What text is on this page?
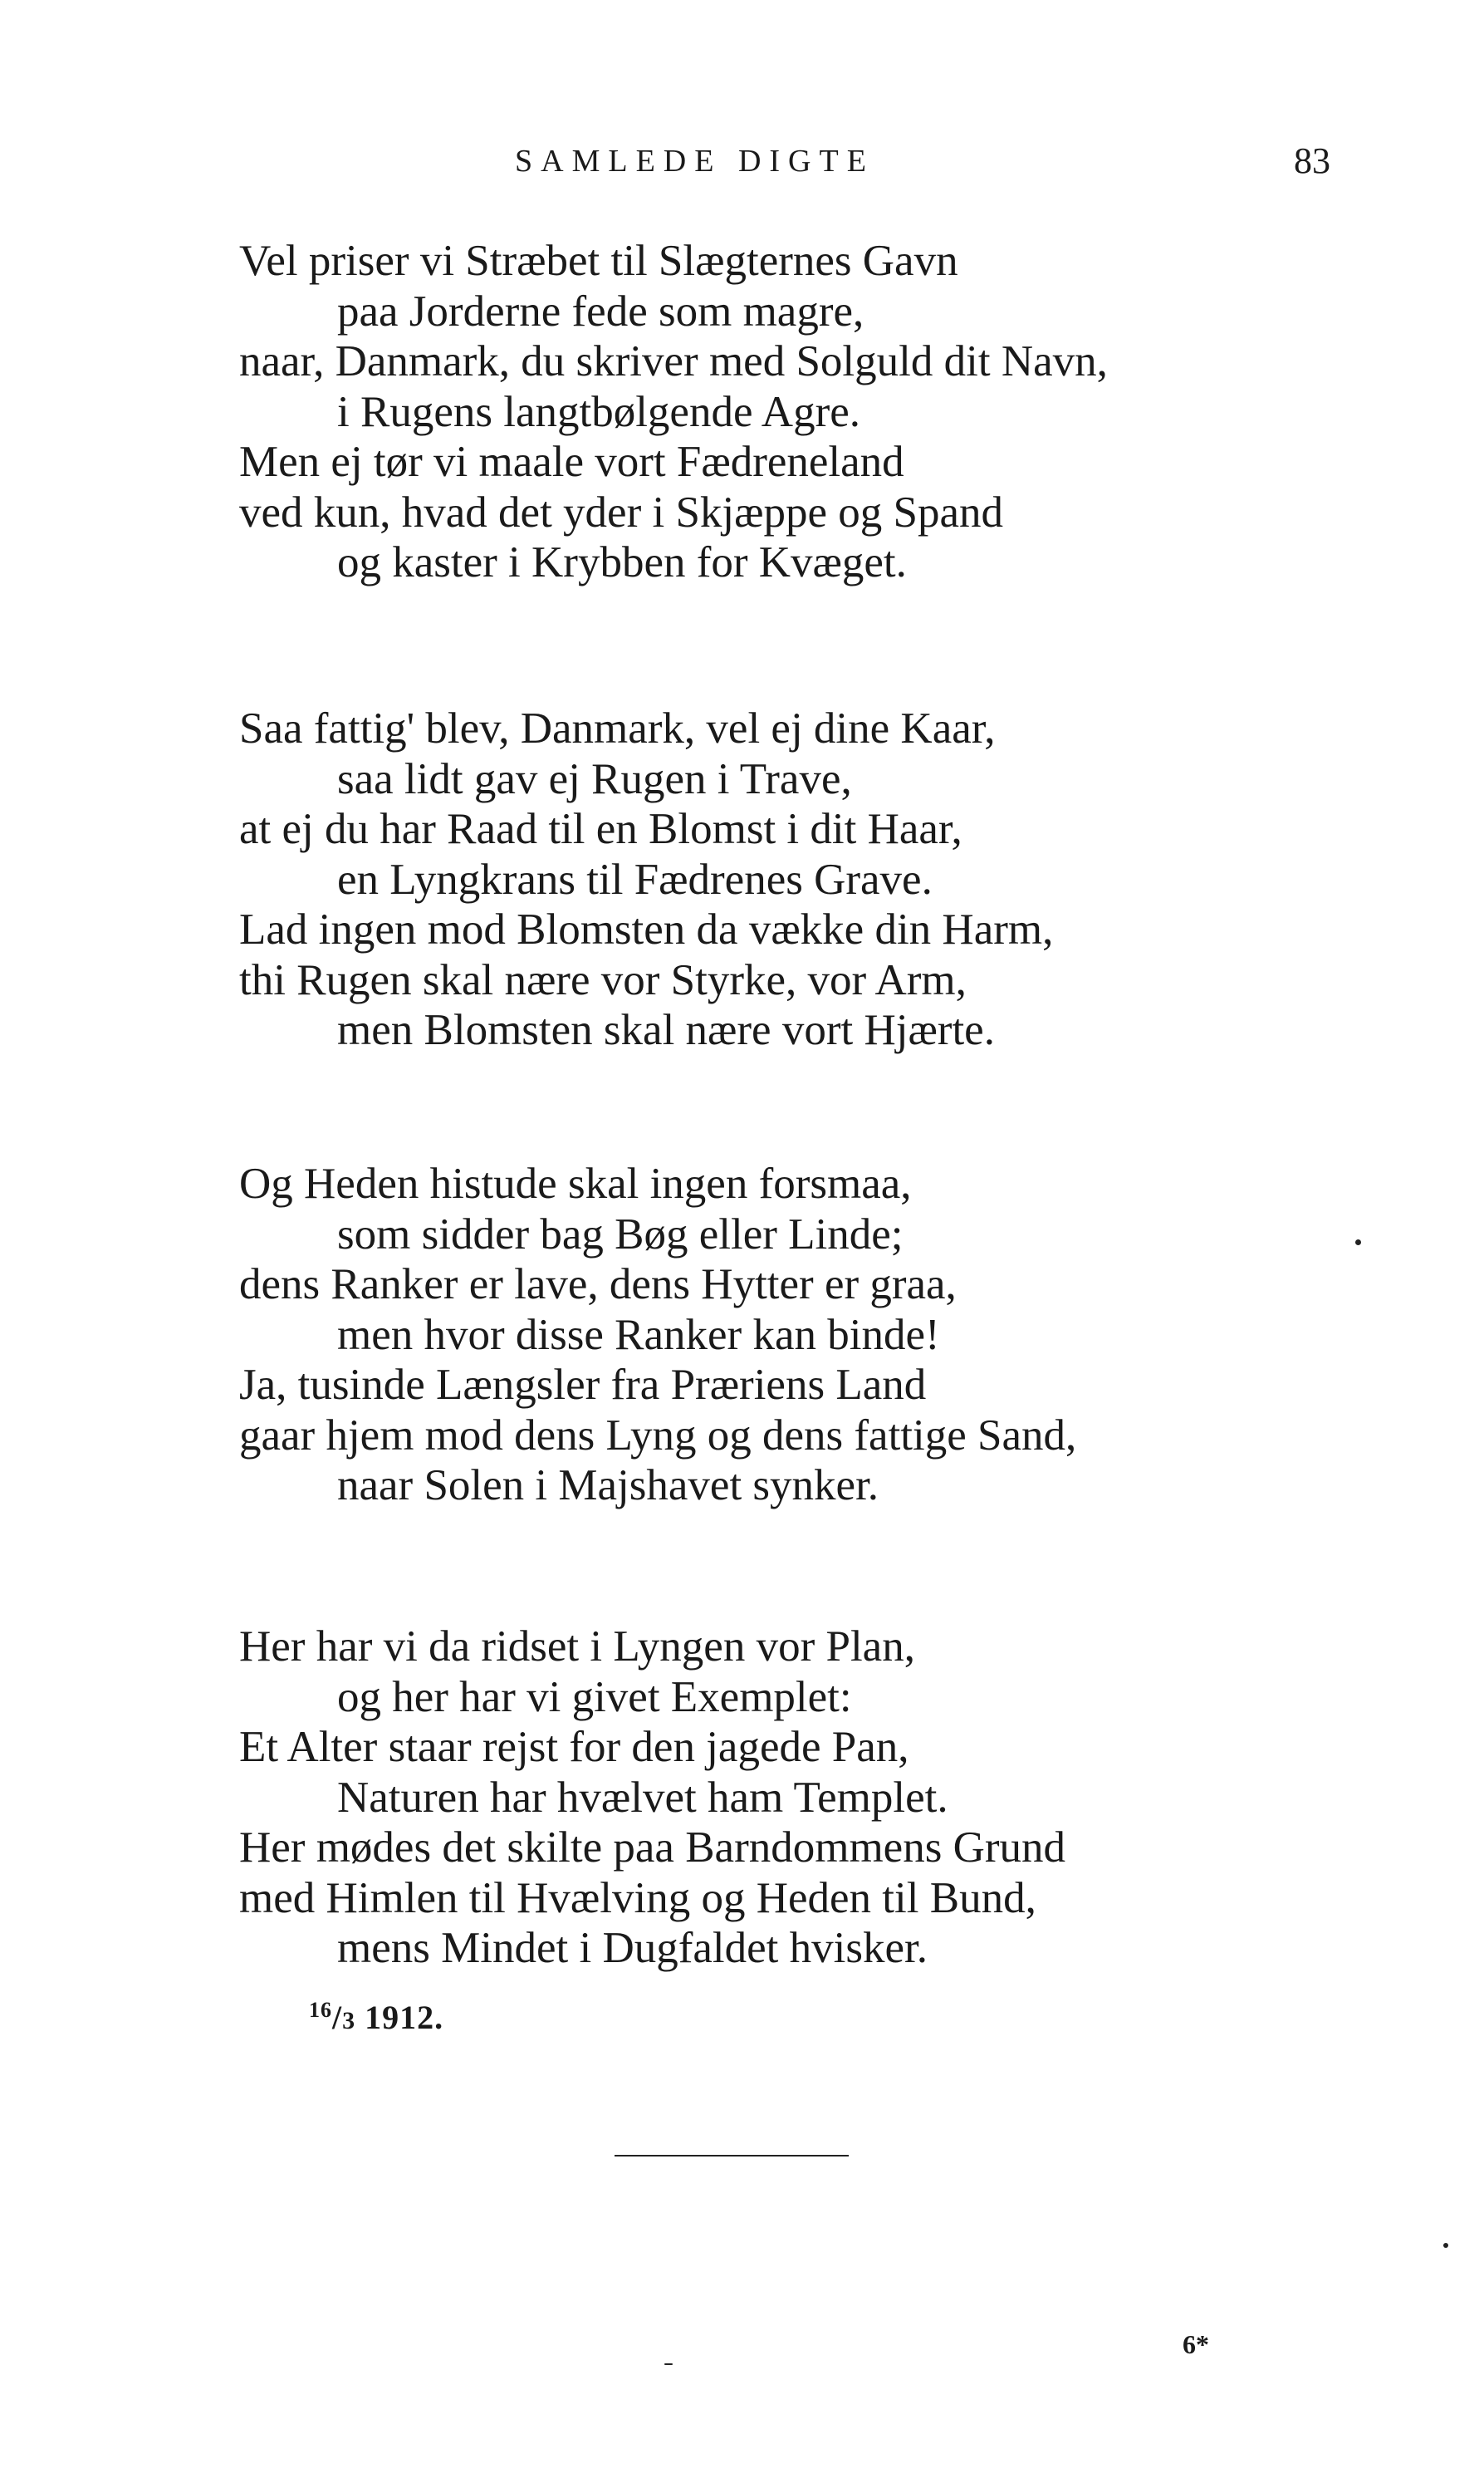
SAMLEDE DIGTE	83
Vel priser vi Stræbet til Slægternes Gavn
paa Jorderne fede som magre,
naar, Danmark, du skriver med Solguld dit Navn,
i Rugens langtbølgende Agre.
Men ej tør vi maale vort Fædreneland
ved kun, hvad det yder i Skjæppe og Spand
og kaster i Krybben for Kvæget.
Saa fattig' blev, Danmark, vel ej dine Kaar,
saa lidt gav ej Rugen i Trave,
at ej du har Raad til en Blomst i dit Haar,
en Lyngkrans til Fædrenes Grave.
Lad ingen mod Blomsten da vække din Harm,
thi Rugen skal nære vor Styrke, vor Arm,
men Blomsten skal nære vort Hjærte.
Og Heden histude skal ingen forsmaa,
som sidder bag Bøg eller Linde;
dens Ranker er lave, dens Hytter er graa,
men hvor disse Ranker kan binde!
Ja, tusinde Længsler fra Præriens Land
gaar hjem mod dens Lyng og dens fattige Sand,
naar Solen i Majshavet synker.
Her har vi da ridset i Lyngen vor Plan,
og her har vi givet Exemplet:
Et Alter staar rejst for den jagede Pan,
Naturen har hvælvet ham Templet.
Her mødes det skilte paa Barndommens Grund
med Himlen til Hvælving og Heden til Bund,
mens Mindet i Dugfaldet hvisker.
$^{16}$/3 1912.
6*
